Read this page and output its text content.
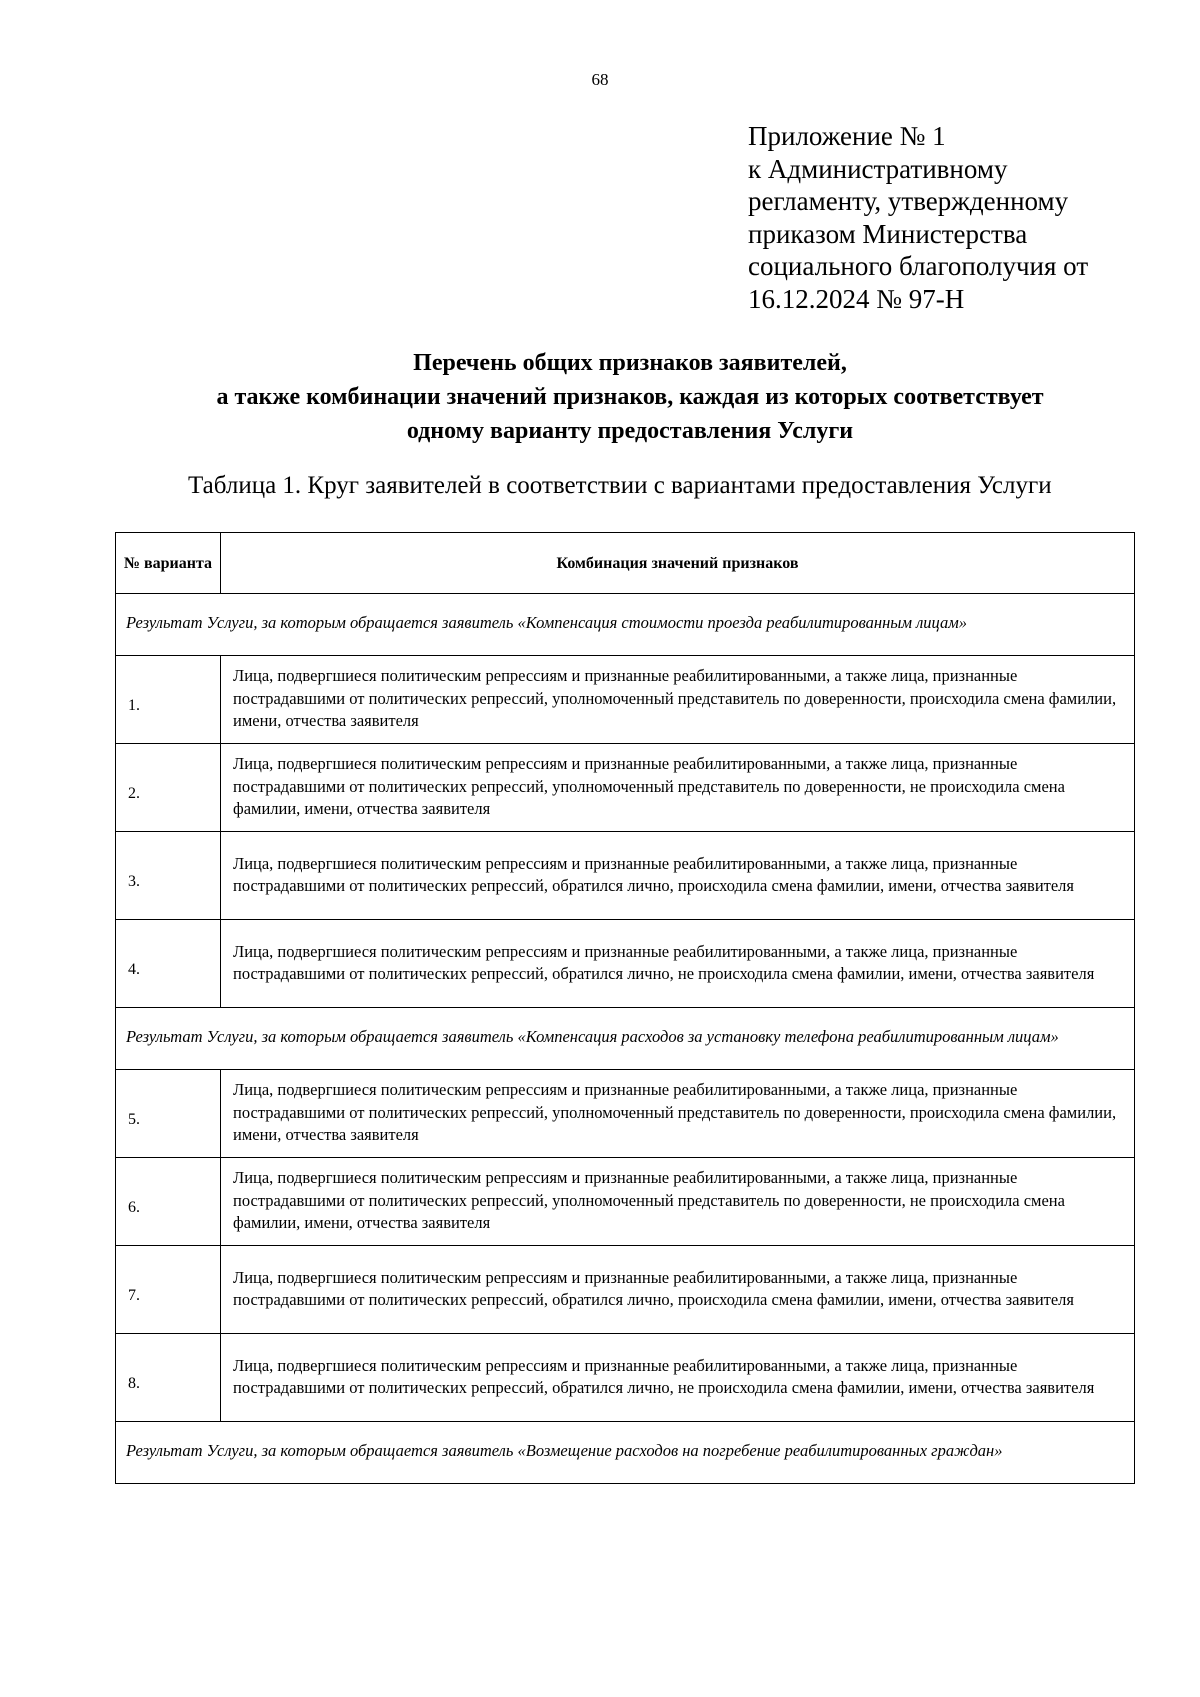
68
Приложение № 1
к Административному
регламенту, утвержденному
приказом Министерства
социального благополучия от
16.12.2024 № 97-Н
Перечень общих признаков заявителей,
а также комбинации значений признаков, каждая из которых соответствует
одному варианту предоставления Услуги
Таблица 1. Круг заявителей в соответствии с вариантами предоставления Услуги
№ варианта	Комбинация значений признаков
Результат Услуги, за которым обращается заявитель «Компенсация стоимости проезда реабилитированным лицам»	
1.	Лица, подвергшиеся политическим репрессиям и признанные реабилитированными, а также лица, признанные пострадавшими от политических репрессий, уполномоченный представитель по доверенности, происходила смена фамилии, имени, отчества заявителя
2.	Лица, подвергшиеся политическим репрессиям и признанные реабилитированными, а также лица, признанные пострадавшими от политических репрессий, уполномоченный представитель по доверенности, не происходила смена фамилии, имени, отчества заявителя
3.	Лица, подвергшиеся политическим репрессиям и признанные реабилитированными, а также лица, признанные пострадавшими от политических репрессий, обратился лично, происходила смена фамилии, имени, отчества заявителя
4.	Лица, подвергшиеся политическим репрессиям и признанные реабилитированными, а также лица, признанные пострадавшими от политических репрессий, обратился лично, не происходила смена фамилии, имени, отчества заявителя
Результат Услуги, за которым обращается заявитель «Компенсация расходов за установку телефона реабилитированным лицам»	
5.	Лица, подвергшиеся политическим репрессиям и признанные реабилитированными, а также лица, признанные пострадавшими от политических репрессий, уполномоченный представитель по доверенности, происходила смена фамилии, имени, отчества заявителя
6.	Лица, подвергшиеся политическим репрессиям и признанные реабилитированными, а также лица, признанные пострадавшими от политических репрессий, уполномоченный представитель по доверенности, не происходила смена фамилии, имени, отчества заявителя
7.	Лица, подвергшиеся политическим репрессиям и признанные реабилитированными, а также лица, признанные пострадавшими от политических репрессий, обратился лично, происходила смена фамилии, имени, отчества заявителя
8.	Лица, подвергшиеся политическим репрессиям и признанные реабилитированными, а также лица, признанные пострадавшими от политических репрессий, обратился лично, не происходила смена фамилии, имени, отчества заявителя
Результат Услуги, за которым обращается заявитель «Возмещение расходов на погребение реабилитированных граждан»	
